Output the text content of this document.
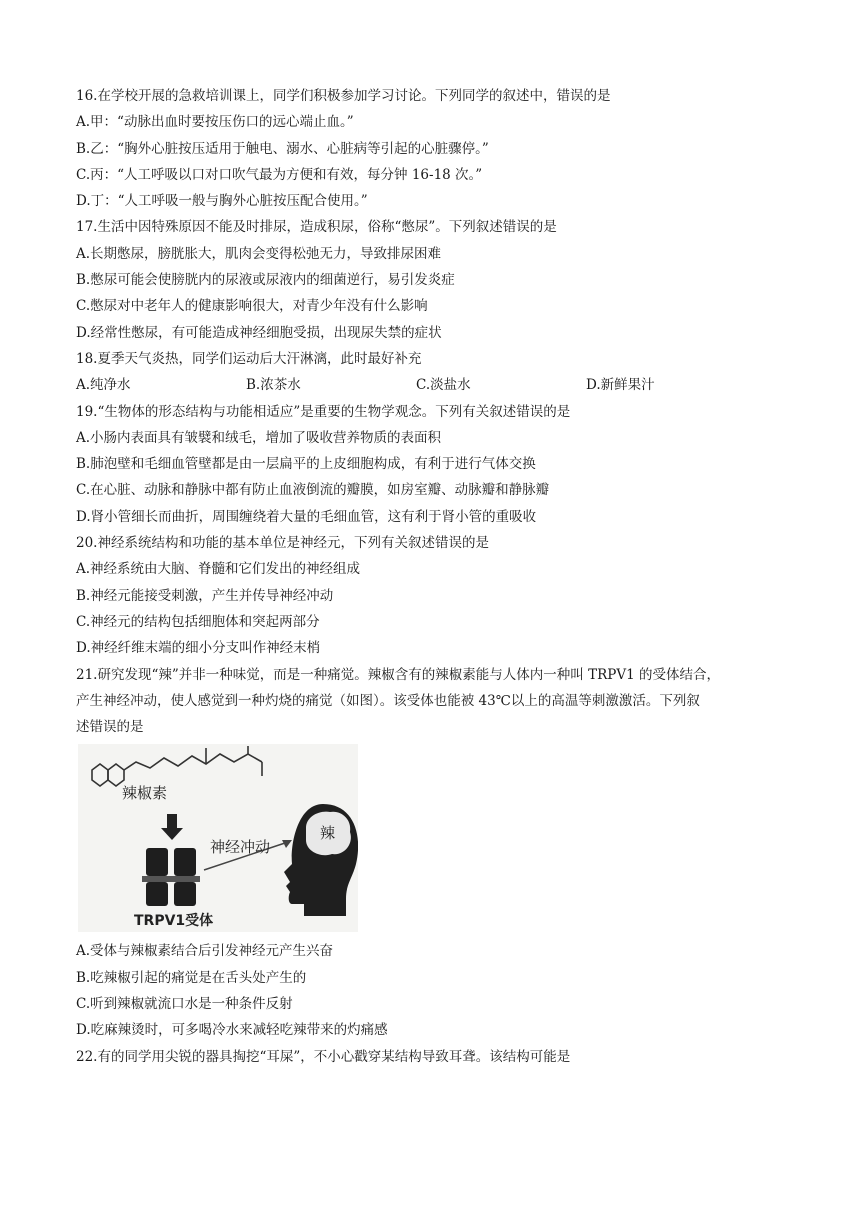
16.在学校开展的急救培训课上，同学们积极参加学习讨论。下列同学的叙述中，错误的是
A.甲：“动脉出血时要按压伤口的远心端止血。”
B.乙：“胸外心脏按压适用于触电、溺水、心脏病等引起的心脏骤停。”
C.丙：“人工呼吸以口对口吹气最为方便和有效，每分钟 16-18 次。”
D.丁：“人工呼吸一般与胸外心脏按压配合使用。”
17.生活中因特殊原因不能及时排尿，造成积尿，俗称“憋尿”。下列叙述错误的是
A.长期憋尿，膀胱胀大，肌肉会变得松弛无力，导致排尿困难
B.憋尿可能会使膀胱内的尿液或尿液内的细菌逆行，易引发炎症
C.憋尿对中老年人的健康影响很大，对青少年没有什么影响
D.经常性憋尿，有可能造成神经细胞受损，出现尿失禁的症状
18.夏季天气炎热，同学们运动后大汗淋漓，此时最好补充
A.纯净水	B.浓茶水	C.淡盐水	D.新鲜果汁
19.“生物体的形态结构与功能相适应”是重要的生物学观念。下列有关叙述错误的是
A.小肠内表面具有皱襞和绒毛，增加了吸收营养物质的表面积
B.肺泡壁和毛细血管壁都是由一层扁平的上皮细胞构成，有利于进行气体交换
C.在心脏、动脉和静脉中都有防止血液倒流的瓣膜，如房室瓣、动脉瓣和静脉瓣
D.肾小管细长而曲折，周围缠绕着大量的毛细血管，这有利于肾小管的重吸收
20.神经系统结构和功能的基本单位是神经元，下列有关叙述错误的是
A.神经系统由大脑、脊髓和它们发出的神经组成
B.神经元能接受刺激，产生并传导神经冲动
C.神经元的结构包括细胞体和突起两部分
D.神经纤维末端的细小分支叫作神经末梢
21.研究发现“辣”并非一种味觉，而是一种痛觉。辣椒含有的辣椒素能与人体内一种叫 TRPV1 的受体结合，
产生神经冲动，使人感觉到一种灼烧的痛觉（如图）。该受体也能被 43℃以上的高温等刺激激活。下列叙
述错误的是
辣椒素
神经冲动
TRPV1受体
辣
A.受体与辣椒素结合后引发神经元产生兴奋
B.吃辣椒引起的痛觉是在舌头处产生的
C.听到辣椒就流口水是一种条件反射
D.吃麻辣烫时，可多喝冷水来减轻吃辣带来的灼痛感
22.有的同学用尖锐的器具掏挖“耳屎”，不小心戳穿某结构导致耳聋。该结构可能是
